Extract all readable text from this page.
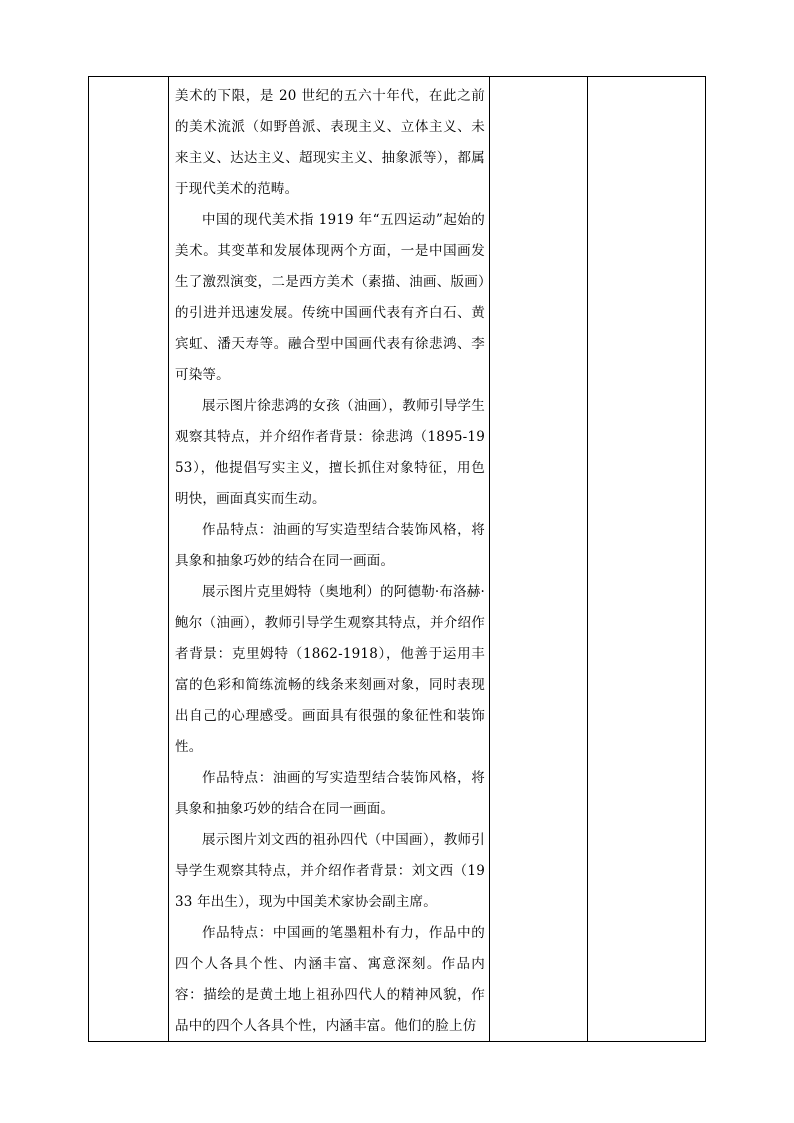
美术的下限，是 20 世纪的五六十年代，在此之前的美术流派（如野兽派、表现主义、立体主义、未来主义、达达主义、超现实主义、抽象派等），都属于现代美术的范畴。

中国的现代美术指 1919 年“五四运动”起始的美术。其变革和发展体现两个方面，一是中国画发生了激烈演变，二是西方美术（素描、油画、版画）的引进并迅速发展。传统中国画代表有齐白石、黄宾虹、潘天寿等。融合型中国画代表有徐悲鸿、李可染等。

展示图片徐悲鸿的女孩（油画），教师引导学生观察其特点，并介绍作者背景：徐悲鸿（1895-1953），他提倡写实主义，擅长抓住对象特征，用色明快，画面真实而生动。

作品特点：油画的写实造型结合装饰风格，将具象和抽象巧妙的结合在同一画面。

展示图片克里姆特（奥地利）的阿德勒·布洛赫·鲍尔（油画），教师引导学生观察其特点，并介绍作者背景：克里姆特（1862-1918），他善于运用丰富的色彩和简练流畅的线条来刻画对象，同时表现出自己的心理感受。画面具有很强的象征性和装饰性。

作品特点：油画的写实造型结合装饰风格，将具象和抽象巧妙的结合在同一画面。

展示图片刘文西的祖孙四代（中国画），教师引导学生观察其特点，并介绍作者背景：刘文西（1933 年出生），现为中国美术家协会副主席。

作品特点：中国画的笔墨粗朴有力，作品中的四个人各具个性、内涵丰富、寓意深刻。作品内容：描绘的是黄土地上祖孙四代人的精神风貌，作品中的四个人各具个性，内涵丰富。他们的脸上仿
